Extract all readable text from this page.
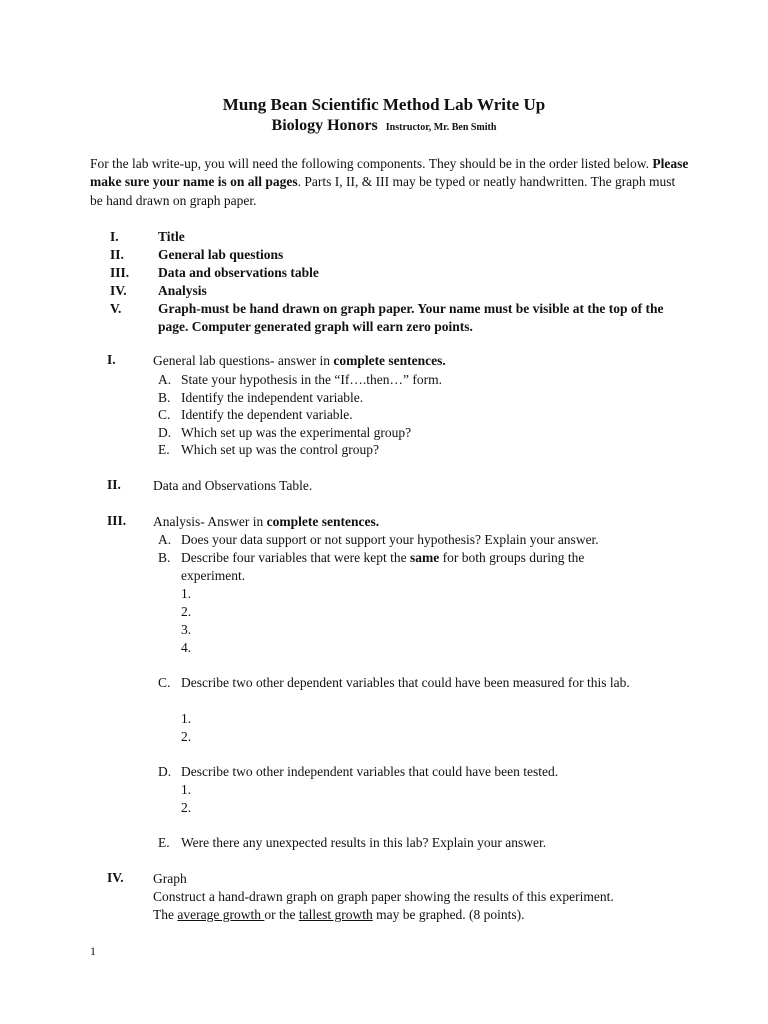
Mung Bean Scientific Method Lab Write Up
Biology Honors Instructor, Mr. Ben Smith
For the lab write-up, you will need the following components. They should be in the order listed below. Please make sure your name is on all pages. Parts I, II, & III may be typed or neatly handwritten. The graph must be hand drawn on graph paper.
I.	Title
II.	General lab questions
III. Data and observations table
IV. Analysis
V.	Graph-must be hand drawn on graph paper. Your name must be visible at the top of the page. Computer generated graph will earn zero points.
I.	General lab questions- answer in complete sentences.
A. State your hypothesis in the “If….then…” form.
B. Identify the independent variable.
C. Identify the dependent variable.
D. Which set up was the experimental group?
E. Which set up was the control group?
II. Data and Observations Table.
III. Analysis- Answer in complete sentences.
A. Does your data support or not support your hypothesis? Explain your answer.
B. Describe four variables that were kept the same for both groups during the experiment.
1.
2.
3.
4.
C. Describe two other dependent variables that could have been measured for this lab.
1.
2.
D. Describe two other independent variables that could have been tested.
1.
2.
E. Were there any unexpected results in this lab? Explain your answer.
IV. Graph
Construct a hand-drawn graph on graph paper showing the results of this experiment.
The average growth or the tallest growth may be graphed. (8 points).
1
